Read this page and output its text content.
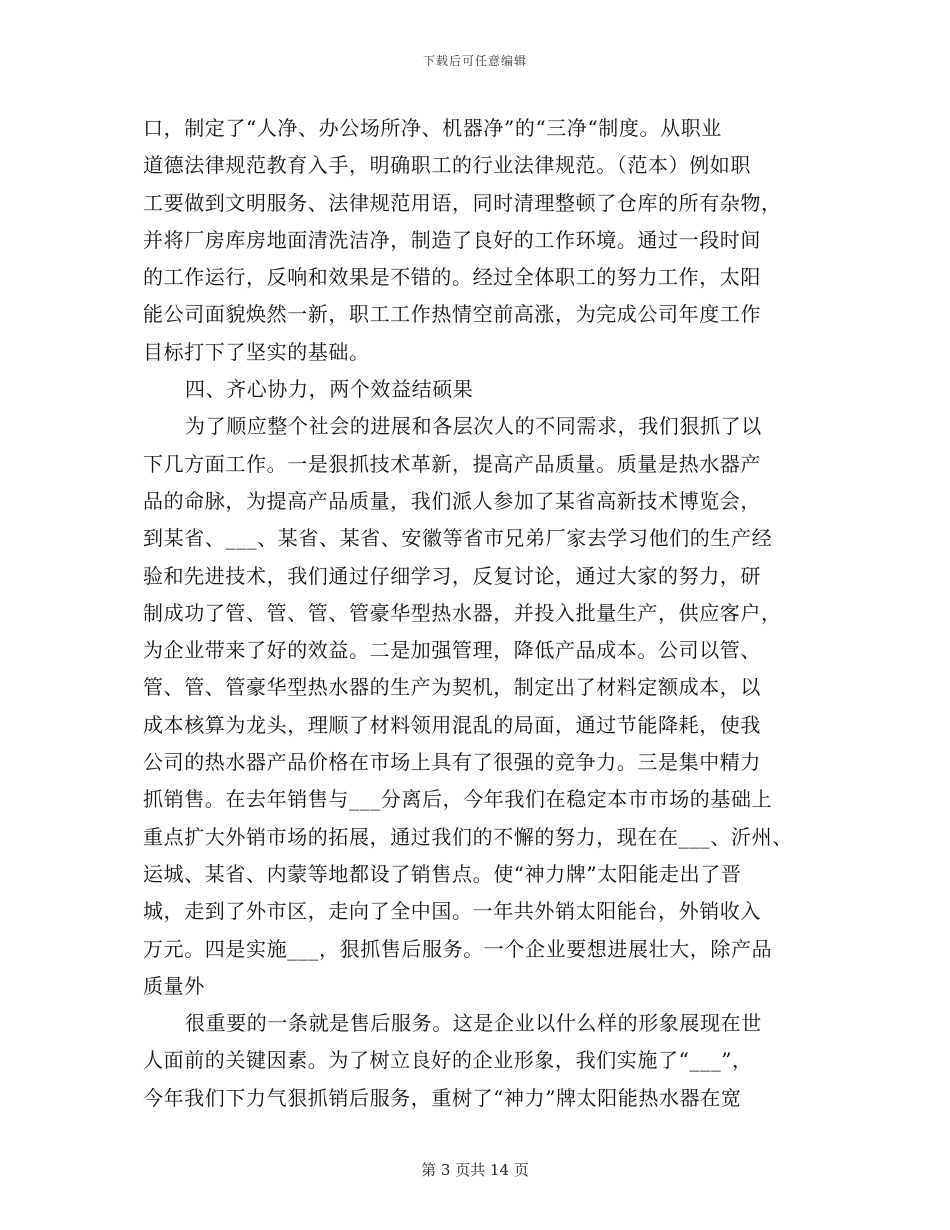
下载后可任意编辑
口，制定了“人净、办公场所净、机器净”的“三净“制度。从职业
道德法律规范教育入手，明确职工的行业法律规范。（范本）例如职
工要做到文明服务、法律规范用语，同时清理整顿了仓库的所有杂物，
并将厂房库房地面清洗洁净，制造了良好的工作环境。通过一段时间
的工作运行，反响和效果是不错的。经过全体职工的努力工作，太阳
能公司面貌焕然一新，职工工作热情空前高涨，为完成公司年度工作
目标打下了坚实的基础。
四、齐心协力，两个效益结硕果
为了顺应整个社会的进展和各层次人的不同需求，我们狠抓了以
下几方面工作。一是狠抓技术革新，提高产品质量。质量是热水器产
品的命脉，为提高产品质量，我们派人参加了某省高新技术博览会，
到某省、___、某省、某省、安徽等省市兄弟厂家去学习他们的生产经
验和先进技术，我们通过仔细学习，反复讨论，通过大家的努力，研
制成功了管、管、管、管豪华型热水器，并投入批量生产，供应客户，
为企业带来了好的效益。二是加强管理，降低产品成本。公司以管、
管、管、管豪华型热水器的生产为契机，制定出了材料定额成本，以
成本核算为龙头，理顺了材料领用混乱的局面，通过节能降耗，使我
公司的热水器产品价格在市场上具有了很强的竞争力。三是集中精力
抓销售。在去年销售与___分离后，今年我们在稳定本市市场的基础上
重点扩大外销市场的拓展，通过我们的不懈的努力，现在在___、沂州、
运城、某省、内蒙等地都设了销售点。使“神力牌”太阳能走出了晋
城，走到了外市区，走向了全中国。一年共外销太阳能台，外销收入
万元。四是实施___，狠抓售后服务。一个企业要想进展壮大，除产品
质量外
很重要的一条就是售后服务。这是企业以什么样的形象展现在世
人面前的关键因素。为了树立良好的企业形象，我们实施了“___”，
今年我们下力气狠抓销后服务，重树了“神力”牌太阳能热水器在宽
第 3 页共 14 页
